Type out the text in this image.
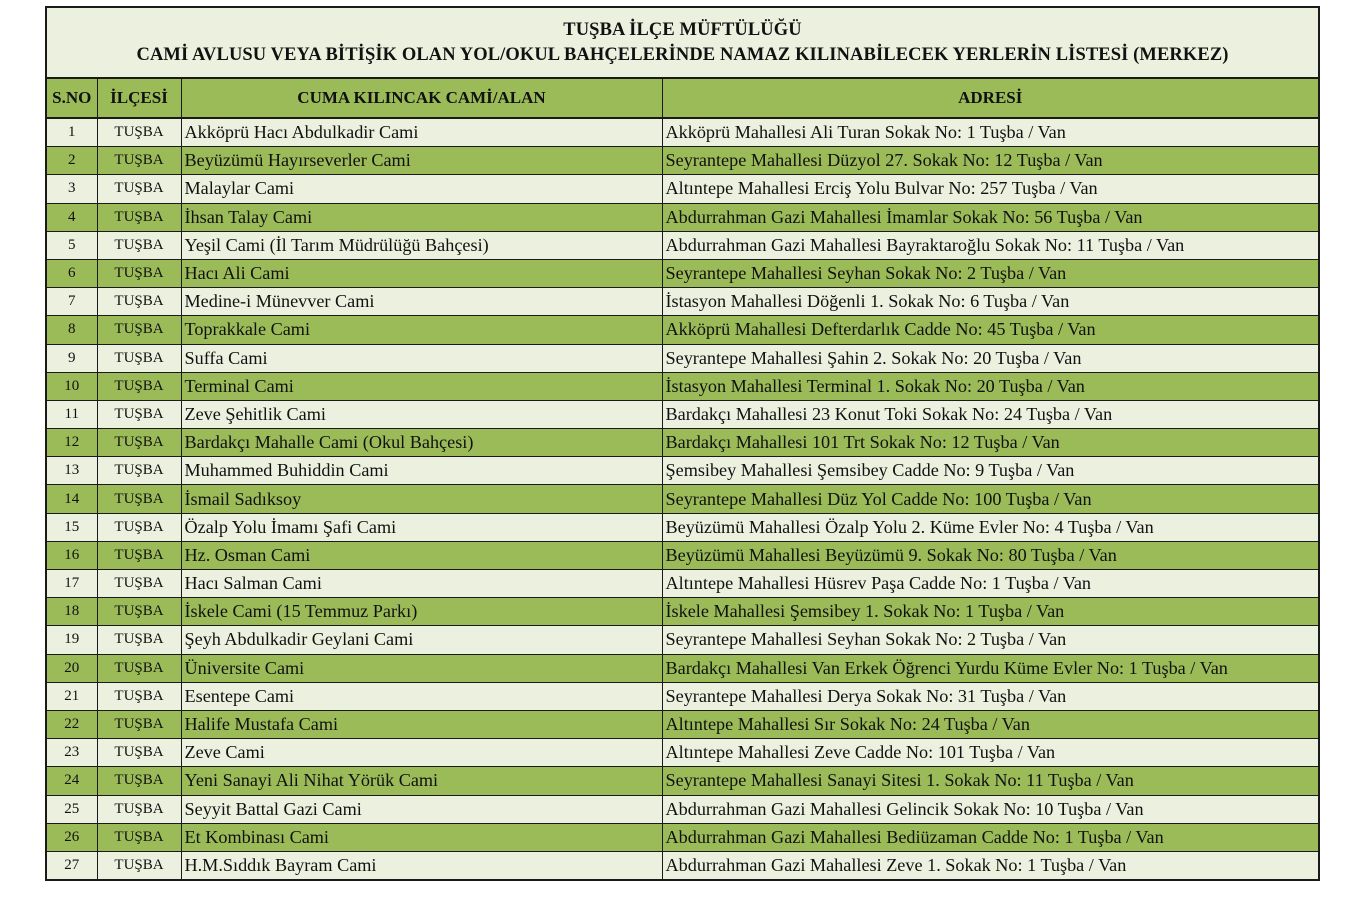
TUŞBA İLÇE MÜFTÜLÜĞÜ
CAMİ AVLUSU VEYA BİTİŞİK OLAN YOL/OKUL BAHÇELERİNDE NAMAZ KILINABİLECEK YERLERİN LİSTESİ (MERKEZ)
S.NO	İLÇESİ	CUMA KILINCAK CAMİ/ALAN	ADRESİ
1	TUŞBA	Akköprü Hacı Abdulkadir Cami	Akköprü Mahallesi Ali Turan Sokak No: 1 Tuşba / Van
2	TUŞBA	Beyüzümü Hayırseverler Cami	Seyrantepe Mahallesi Düzyol 27. Sokak No: 12 Tuşba / Van
3	TUŞBA	Malaylar Cami	Altıntepe Mahallesi Erciş Yolu Bulvar No: 257 Tuşba / Van
4	TUŞBA	İhsan Talay Cami	Abdurrahman Gazi Mahallesi İmamlar Sokak No: 56 Tuşba / Van
5	TUŞBA	Yeşil Cami (İl Tarım Müdrülüğü Bahçesi)	Abdurrahman Gazi Mahallesi Bayraktaroğlu Sokak No: 11 Tuşba / Van
6	TUŞBA	Hacı Ali Cami	Seyrantepe Mahallesi Seyhan Sokak No: 2 Tuşba / Van
7	TUŞBA	Medine-i Münevver Cami	İstasyon Mahallesi Döğenli 1. Sokak No: 6 Tuşba / Van
8	TUŞBA	Toprakkale Cami	Akköprü Mahallesi Defterdarlık Cadde No: 45 Tuşba / Van
9	TUŞBA	Suffa Cami	Seyrantepe Mahallesi Şahin 2. Sokak No: 20 Tuşba / Van
10	TUŞBA	Terminal Cami	İstasyon Mahallesi Terminal 1. Sokak No: 20 Tuşba / Van
11	TUŞBA	Zeve Şehitlik Cami	Bardakçı Mahallesi 23 Konut Toki Sokak No: 24 Tuşba / Van
12	TUŞBA	Bardakçı Mahalle Cami (Okul Bahçesi)	Bardakçı Mahallesi 101 Trt Sokak No: 12 Tuşba / Van
13	TUŞBA	Muhammed Buhiddin Cami	Şemsibey Mahallesi Şemsibey Cadde No: 9 Tuşba / Van
14	TUŞBA	İsmail Sadıksoy	Seyrantepe Mahallesi Düz Yol Cadde No: 100 Tuşba / Van
15	TUŞBA	Özalp Yolu İmamı Şafi Cami	Beyüzümü Mahallesi Özalp Yolu 2. Küme Evler No: 4 Tuşba / Van
16	TUŞBA	Hz. Osman Cami	Beyüzümü Mahallesi Beyüzümü 9. Sokak No: 80 Tuşba / Van
17	TUŞBA	Hacı Salman Cami	Altıntepe Mahallesi Hüsrev Paşa Cadde No: 1 Tuşba / Van
18	TUŞBA	İskele Cami (15 Temmuz Parkı)	İskele Mahallesi Şemsibey 1. Sokak No: 1 Tuşba / Van
19	TUŞBA	Şeyh Abdulkadir Geylani Cami	Seyrantepe Mahallesi Seyhan Sokak No: 2 Tuşba / Van
20	TUŞBA	Üniversite Cami	Bardakçı Mahallesi Van Erkek Öğrenci Yurdu Küme Evler No: 1 Tuşba / Van
21	TUŞBA	Esentepe Cami	Seyrantepe Mahallesi Derya Sokak No: 31 Tuşba / Van
22	TUŞBA	Halife Mustafa Cami	Altıntepe Mahallesi Sır Sokak No: 24 Tuşba / Van
23	TUŞBA	Zeve Cami	Altıntepe Mahallesi Zeve Cadde No: 101 Tuşba / Van
24	TUŞBA	Yeni Sanayi Ali Nihat Yörük Cami	Seyrantepe Mahallesi Sanayi Sitesi 1. Sokak No: 11 Tuşba / Van
25	TUŞBA	Seyyit Battal Gazi Cami	Abdurrahman Gazi Mahallesi Gelincik Sokak No: 10 Tuşba / Van
26	TUŞBA	Et Kombinası Cami	Abdurrahman Gazi Mahallesi Bediüzaman Cadde No: 1 Tuşba / Van
27	TUŞBA	H.M.Sıddık Bayram Cami	Abdurrahman Gazi Mahallesi Zeve 1. Sokak No: 1 Tuşba / Van
